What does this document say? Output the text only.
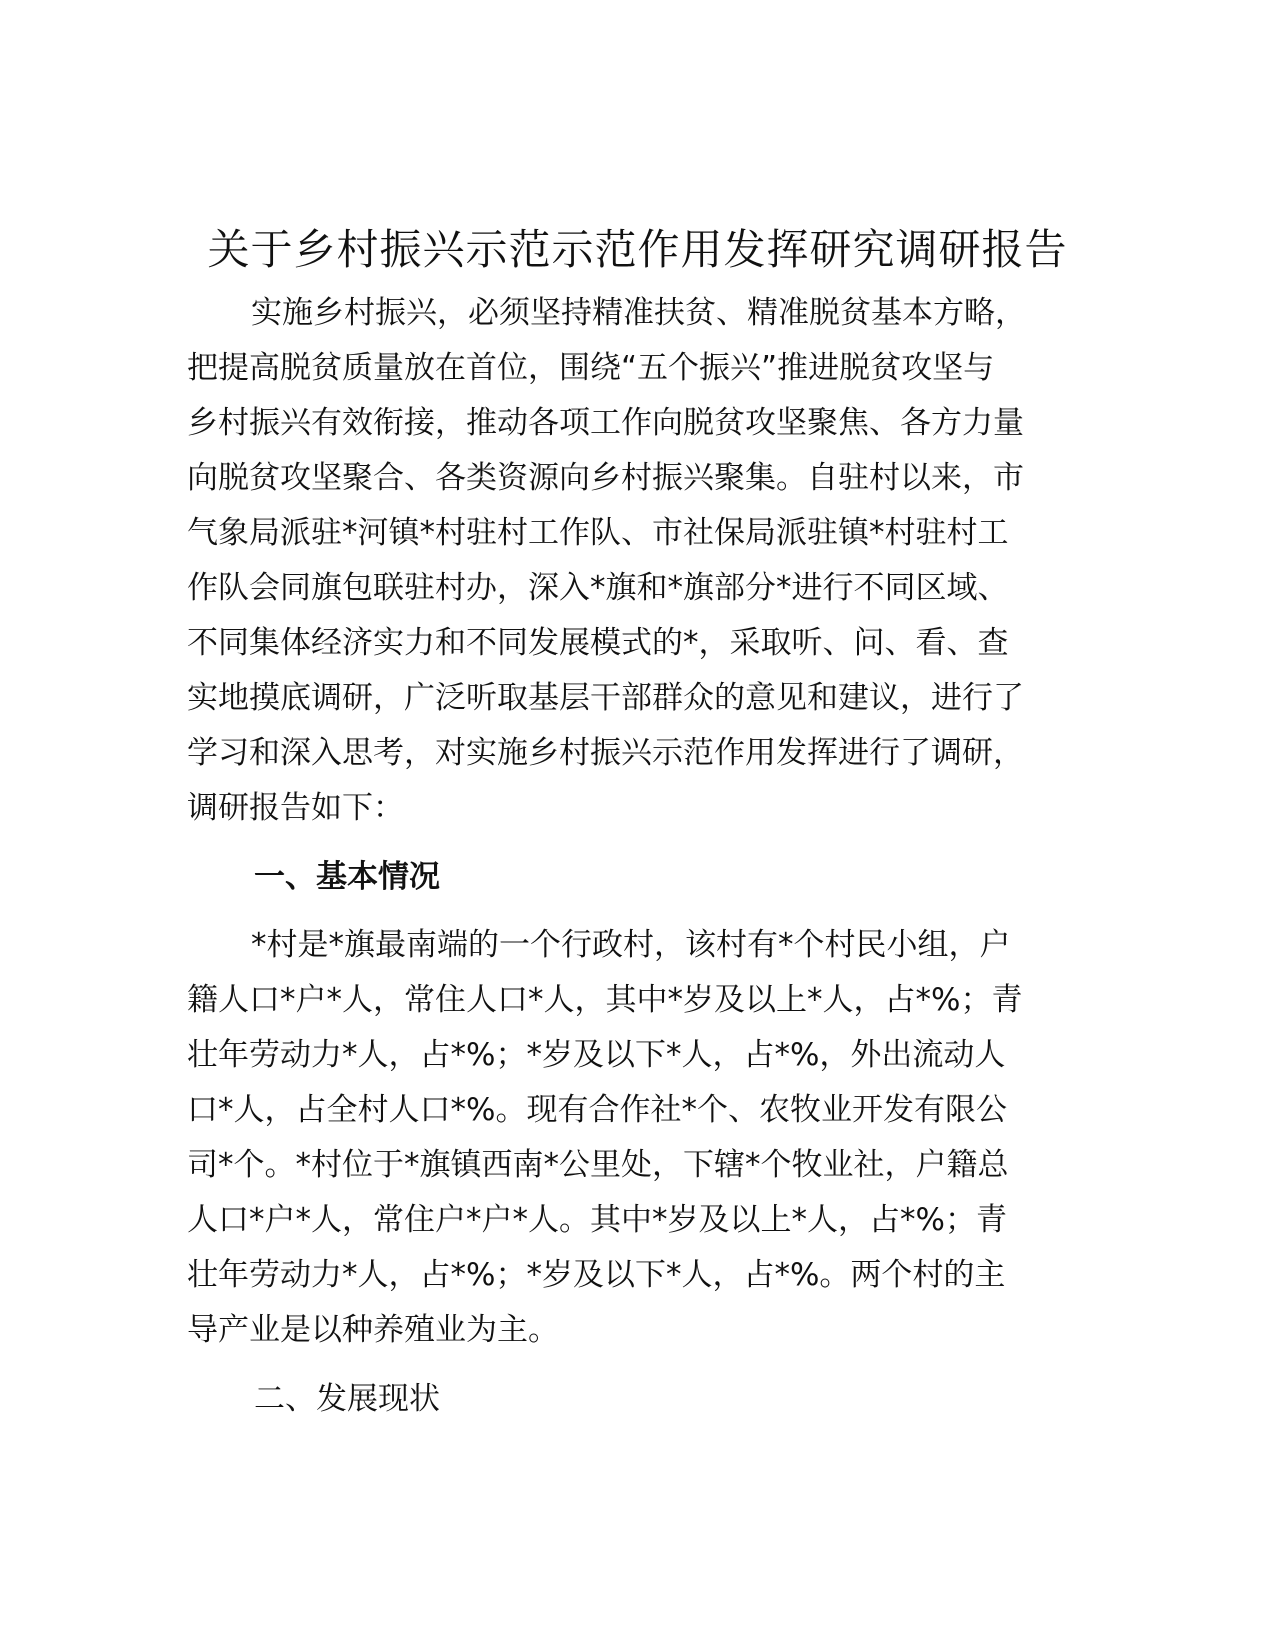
关于乡村振兴示范示范作用发挥研究调研报告
实施乡村振兴，必须坚持精准扶贫、精准脱贫基本方略，
把提高脱贫质量放在首位，围绕“五个振兴”推进脱贫攻坚与
乡村振兴有效衔接，推动各项工作向脱贫攻坚聚焦、各方力量
向脱贫攻坚聚合、各类资源向乡村振兴聚集。自驻村以来，市
气象局派驻*河镇*村驻村工作队、市社保局派驻镇*村驻村工
作队会同旗包联驻村办，深入*旗和*旗部分*进行不同区域、
不同集体经济实力和不同发展模式的*，采取听、问、看、查
实地摸底调研，广泛听取基层干部群众的意见和建议，进行了
学习和深入思考，对实施乡村振兴示范作用发挥进行了调研，
调研报告如下：
一、基本情况
*村是*旗最南端的一个行政村，该村有*个村民小组，户
籍人口*户*人，常住人口*人，其中*岁及以上*人，占*%；青
壮年劳动力*人，占*%；*岁及以下*人，占*%，外出流动人
口*人，占全村人口*%。现有合作社*个、农牧业开发有限公
司*个。*村位于*旗镇西南*公里处，下辖*个牧业社，户籍总
人口*户*人，常住户*户*人。其中*岁及以上*人，占*%；青
壮年劳动力*人，占*%；*岁及以下*人，占*%。两个村的主
导产业是以种养殖业为主。
二、发展现状
